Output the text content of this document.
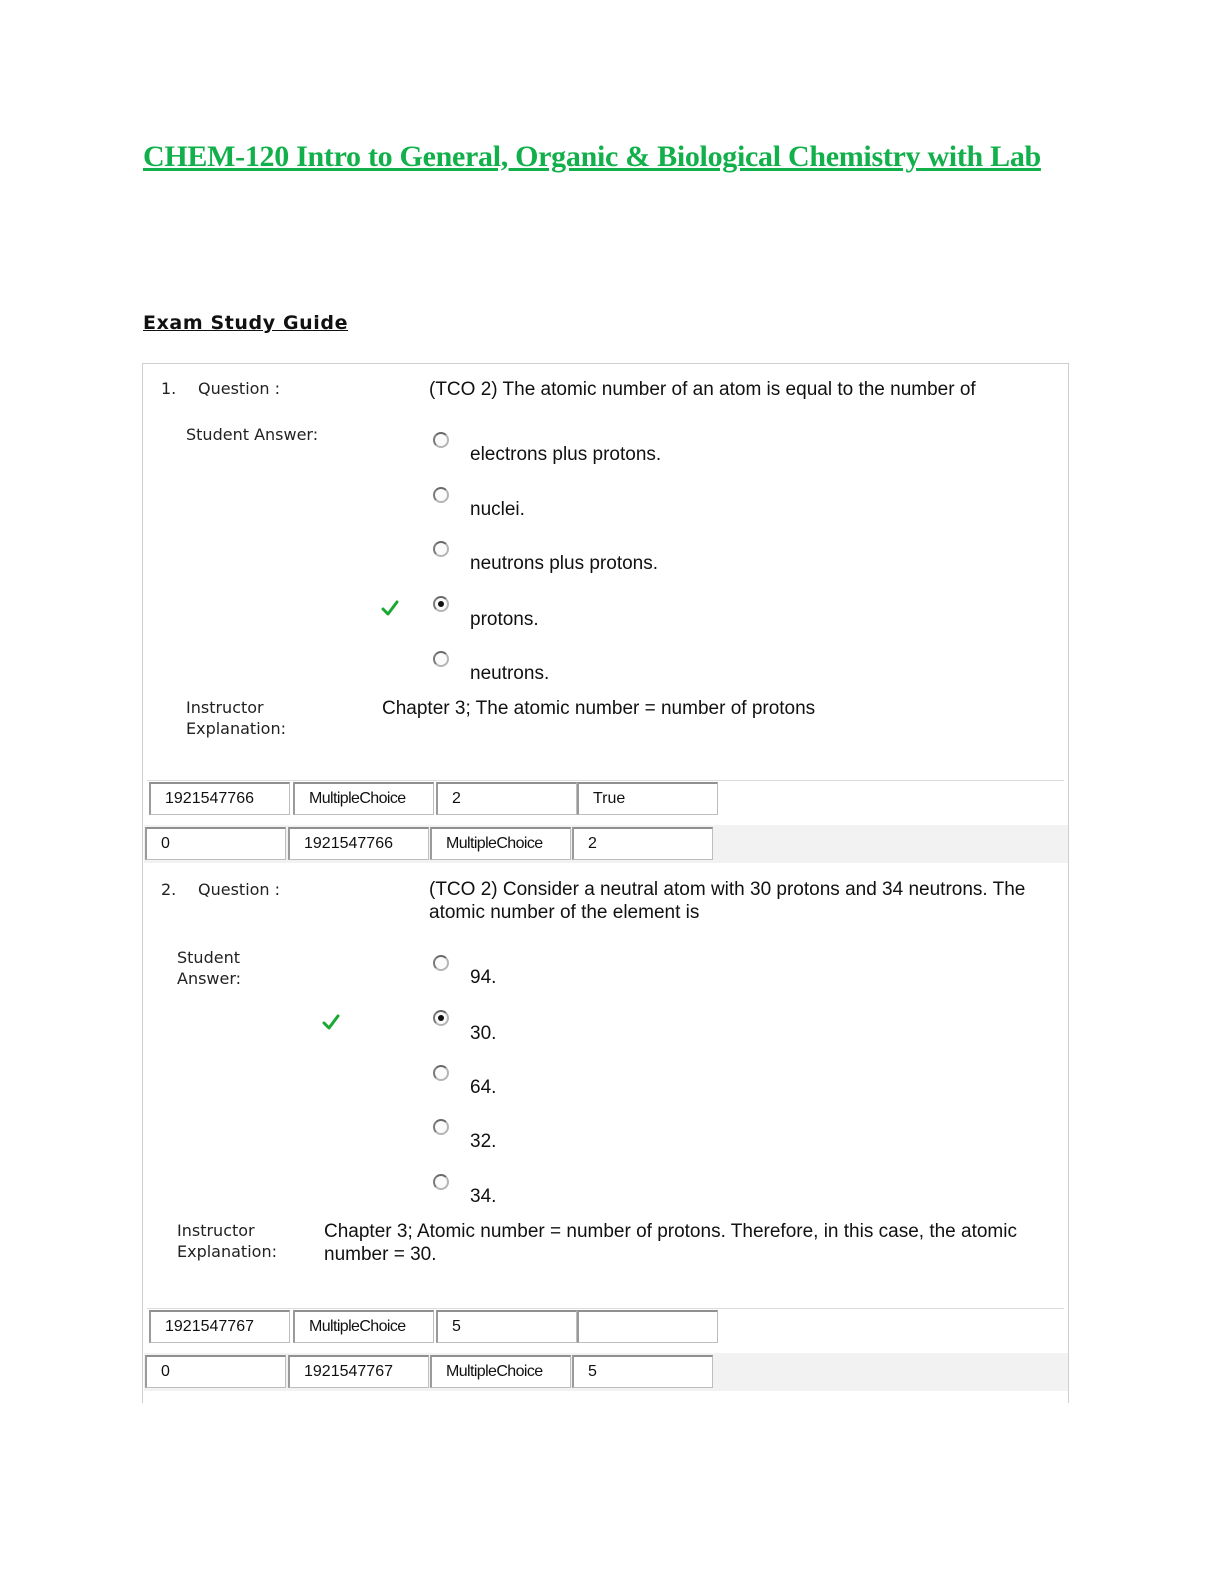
CHEM-120 Intro to General, Organic & Biological Chemistry with Lab
Exam Study Guide
1. Question :	(TCO 2) The atomic number of an atom is equal to the number of
Student Answer:
electrons plus protons.
nuclei.
neutrons plus protons.
protons.
neutrons.
Instructor
Explanation:
Chapter 3; The atomic number = number of protons
1921547766	MultipleChoice	2	True
0	1921547766	MultipleChoice	2
2. Question :	(TCO 2) Consider a neutral atom with 30 protons and 34 neutrons. The atomic number of the element is
Student
Answer:	94.
30.
64.
32.
34.
Instructor
Explanation:
Chapter 3; Atomic number = number of protons. Therefore, in this case, the atomic number = 30.
1921547767	MultipleChoice	5
0	1921547767	MultipleChoice	5
